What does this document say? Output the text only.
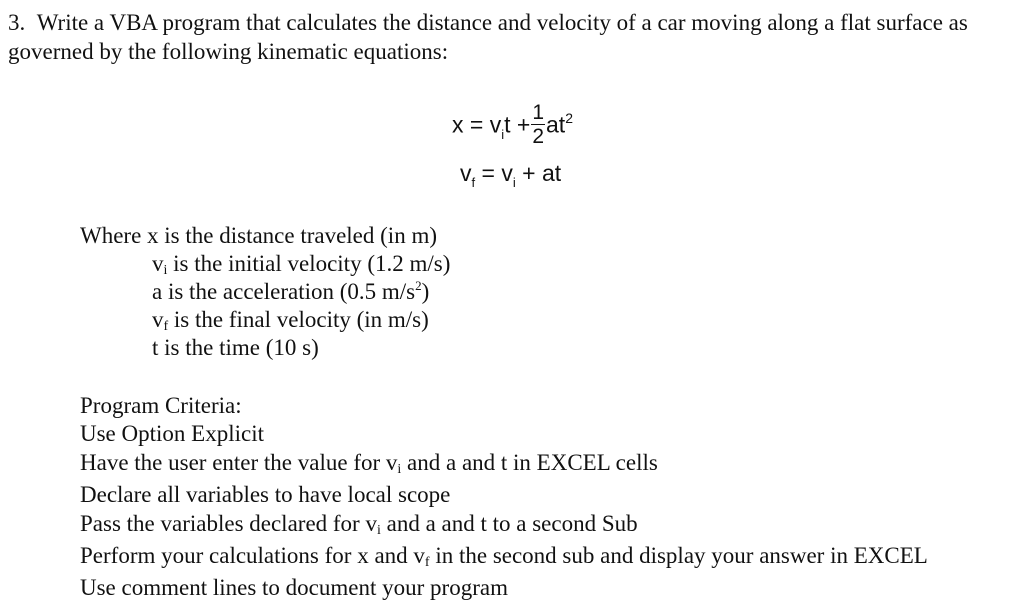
3. Write a VBA program that calculates the distance and velocity of a car moving along a flat surface as governed by the following kinematic equations:
$x = v_it + \frac{1}{2} at^2$
$v_f = v_i$ + at
Where x is the distance traveled (in m)
vi is the initial velocity (1.2 m/s)
a is the acceleration (0.5 $m/s^2$)
vf is the final velocity (in m/s)
t is the time (10 s)
Program Criteria:
Use Option Explicit
Have the user enter the value for vi and a and t in EXCEL cells
Declare all variables to have local scope
Pass the variables declared for vi and a and t to a second Sub
Perform your calculations for x and vf in the second sub and display your answer in EXCEL
Use comment lines to document your program
